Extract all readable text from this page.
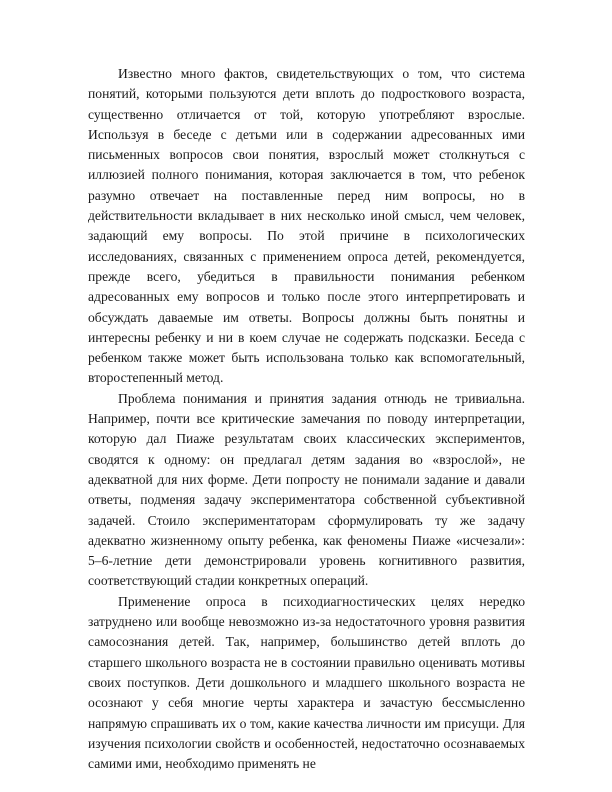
Известно много фактов, свидетельствующих о том, что система понятий, которыми пользуются дети вплоть до подросткового возраста, существенно отличается от той, которую употребляют взрослые. Используя в беседе с детьми или в содержании адресованных ими письменных вопросов свои понятия, взрослый может столкнуться с иллюзией полного понимания, которая заключается в том, что ребенок разумно отвечает на поставленные перед ним вопросы, но в действительности вкладывает в них несколько иной смысл, чем человек, задающий ему вопросы. По этой причине в психологических исследованиях, связанных с применением опроса детей, рекомендуется, прежде всего, убедиться в правильности понимания ребенком адресованных ему вопросов и только после этого интерпретировать и обсуждать даваемые им ответы. Вопросы должны быть понятны и интересны ребенку и ни в коем случае не содержать подсказки. Беседа с ребенком также может быть использована только как вспомогательный, второстепенный метод.

Проблема понимания и принятия задания отнюдь не тривиальна. Например, почти все критические замечания по поводу интерпретации, которую дал Пиаже результатам своих классических экспериментов, сводятся к одному: он предлагал детям задания во «взрослой», не адекватной для них форме. Дети попросту не понимали задание и давали ответы, подменяя задачу экспериментатора собственной субъективной задачей. Стоило экспериментаторам сформулировать ту же задачу адекватно жизненному опыту ребенка, как феномены Пиаже «исчезали»: 5–6-летние дети демонстрировали уровень когнитивного развития, соответствующий стадии конкретных операций.

Применение опроса в психодиагностических целях нередко затруднено или вообще невозможно из-за недостаточного уровня развития самосознания детей. Так, например, большинство детей вплоть до старшего школьного возраста не в состоянии правильно оценивать мотивы своих поступков. Дети дошкольного и младшего школьного возраста не осознают у себя многие черты характера и зачастую бессмысленно напрямую спрашивать их о том, какие качества личности им присущи. Для изучения психологии свойств и особенностей, недостаточно осознаваемых самими ими, необходимо применять не
